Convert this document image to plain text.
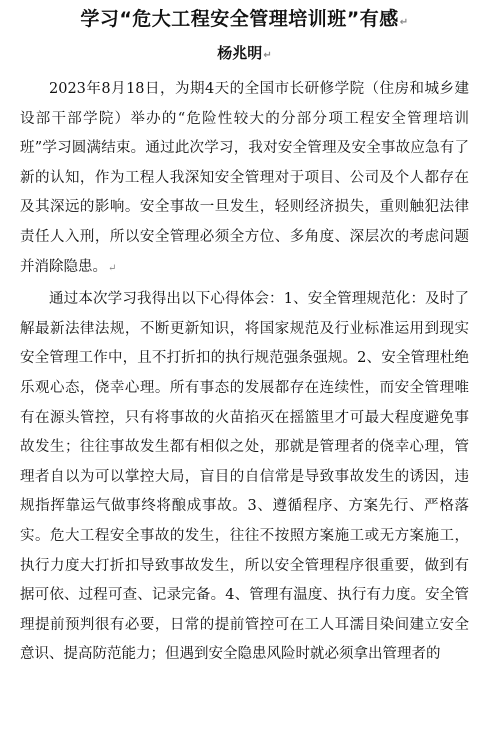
学习“危大工程安全管理培训班”有感↵
杨兆明↵

2023年8月18日，为期4天的全国市长研修学院（住房和城乡建设部干部学院）举办的“危险性较大的分部分项工程安全管理培训班”学习圆满结束。通过此次学习，我对安全管理及安全事故应急有了新的认知，作为工程人我深知安全管理对于项目、公司及个人都存在及其深远的影响。安全事故一旦发生，轻则经济损失，重则触犯法律责任人入刑，所以安全管理必须全方位、多角度、深层次的考虑问题并消除隐患。↵

通过本次学习我得出以下心得体会：1、安全管理规范化：及时了解最新法律法规，不断更新知识，将国家规范及行业标准运用到现实安全管理工作中，且不打折扣的执行规范强条强规。2、安全管理杜绝乐观心态，侥幸心理。所有事态的发展都存在连续性，而安全管理唯有在源头管控，只有将事故的火苗掐灭在摇篮里才可最大程度避免事故发生；往往事故发生都有相似之处，那就是管理者的侥幸心理，管理者自以为可以掌控大局，盲目的自信常是导致事故发生的诱因，违规指挥靠运气做事终将酿成事故。3、遵循程序、方案先行、严格落实。危大工程安全事故的发生，往往不按照方案施工或无方案施工，执行力度大打折扣导致事故发生，所以安全管理程序很重要，做到有据可依、过程可查、记录完备。4、管理有温度、执行有力度。安全管理提前预判很有必要，日常的提前管控可在工人耳濡目染间建立安全意识、提高防范能力；但遇到安全隐患风险时就必须拿出管理者的
